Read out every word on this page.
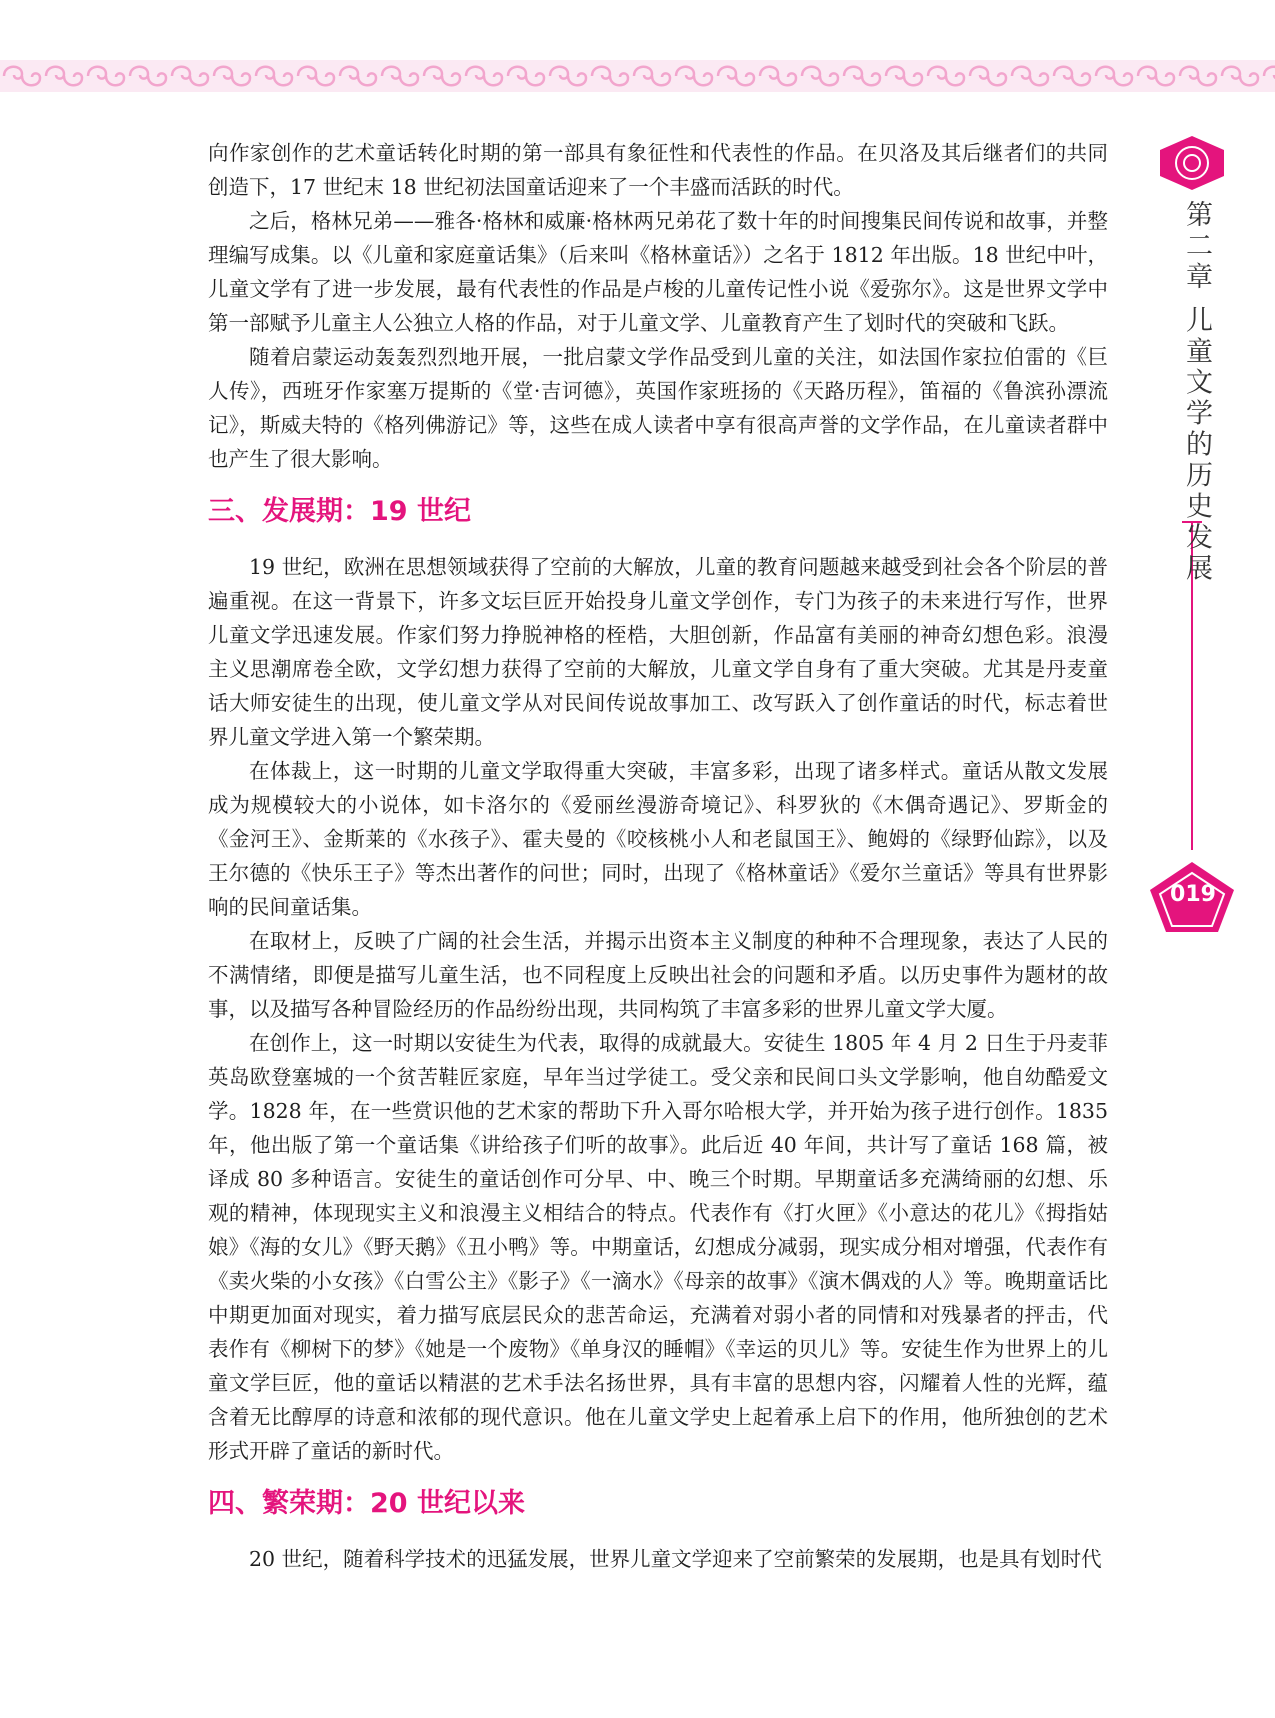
向作家创作的艺术童话转化时期的第一部具有象征性和代表性的作品。在贝洛及其后继者们的共同创造下，17 世纪末 18 世纪初法国童话迎来了一个丰盛而活跃的时代。

之后，格林兄弟——雅各·格林和威廉·格林两兄弟花了数十年的时间搜集民间传说和故事，并整理编写成集。以《儿童和家庭童话集》（后来叫《格林童话》）之名于 1812 年出版。18 世纪中叶，儿童文学有了进一步发展，最有代表性的作品是卢梭的儿童传记性小说《爱弥尔》。这是世界文学中第一部赋予儿童主人公独立人格的作品，对于儿童文学、儿童教育产生了划时代的突破和飞跃。

随着启蒙运动轰轰烈烈地开展，一批启蒙文学作品受到儿童的关注，如法国作家拉伯雷的《巨人传》，西班牙作家塞万提斯的《堂·吉诃德》，英国作家班扬的《天路历程》，笛福的《鲁滨孙漂流记》，斯威夫特的《格列佛游记》等，这些在成人读者中享有很高声誉的文学作品，在儿童读者群中也产生了很大影响。

三、发展期：19 世纪

19 世纪，欧洲在思想领域获得了空前的大解放，儿童的教育问题越来越受到社会各个阶层的普遍重视。在这一背景下，许多文坛巨匠开始投身儿童文学创作，专门为孩子的未来进行写作，世界儿童文学迅速发展。作家们努力挣脱神格的桎梏，大胆创新，作品富有美丽的神奇幻想色彩。浪漫主义思潮席卷全欧，文学幻想力获得了空前的大解放，儿童文学自身有了重大突破。尤其是丹麦童话大师安徒生的出现，使儿童文学从对民间传说故事加工、改写跃入了创作童话的时代，标志着世界儿童文学进入第一个繁荣期。

在体裁上，这一时期的儿童文学取得重大突破，丰富多彩，出现了诸多样式。童话从散文发展成为规模较大的小说体，如卡洛尔的《爱丽丝漫游奇境记》、科罗狄的《木偶奇遇记》、罗斯金的《金河王》、金斯莱的《水孩子》、霍夫曼的《咬核桃小人和老鼠国王》、鲍姆的《绿野仙踪》，以及王尔德的《快乐王子》等杰出著作的问世；同时，出现了《格林童话》《爱尔兰童话》等具有世界影响的民间童话集。

在取材上，反映了广阔的社会生活，并揭示出资本主义制度的种种不合理现象，表达了人民的不满情绪，即便是描写儿童生活，也不同程度上反映出社会的问题和矛盾。以历史事件为题材的故事，以及描写各种冒险经历的作品纷纷出现，共同构筑了丰富多彩的世界儿童文学大厦。

在创作上，这一时期以安徒生为代表，取得的成就最大。安徒生 1805 年 4 月 2 日生于丹麦菲英岛欧登塞城的一个贫苦鞋匠家庭，早年当过学徒工。受父亲和民间口头文学影响，他自幼酷爱文学。1828 年，在一些赏识他的艺术家的帮助下升入哥尔哈根大学，并开始为孩子进行创作。1835 年，他出版了第一个童话集《讲给孩子们听的故事》。此后近 40 年间，共计写了童话 168 篇，被译成 80 多种语言。安徒生的童话创作可分早、中、晚三个时期。早期童话多充满绮丽的幻想、乐观的精神，体现现实主义和浪漫主义相结合的特点。代表作有《打火匣》《小意达的花儿》《拇指姑娘》《海的女儿》《野天鹅》《丑小鸭》等。中期童话，幻想成分减弱，现实成分相对增强，代表作有《卖火柴的小女孩》《白雪公主》《影子》《一滴水》《母亲的故事》《演木偶戏的人》等。晚期童话比中期更加面对现实，着力描写底层民众的悲苦命运，充满着对弱小者的同情和对残暴者的抨击，代表作有《柳树下的梦》《她是一个废物》《单身汉的睡帽》《幸运的贝儿》等。安徒生作为世界上的儿童文学巨匠，他的童话以精湛的艺术手法名扬世界，具有丰富的思想内容，闪耀着人性的光辉，蕴含着无比醇厚的诗意和浓郁的现代意识。他在儿童文学史上起着承上启下的作用，他所独创的艺术形式开辟了童话的新时代。

四、繁荣期：20 世纪以来

20 世纪，随着科学技术的迅猛发展，世界儿童文学迎来了空前繁荣的发展期，也是具有划时代

第二章 儿童文学的历史发展
019
